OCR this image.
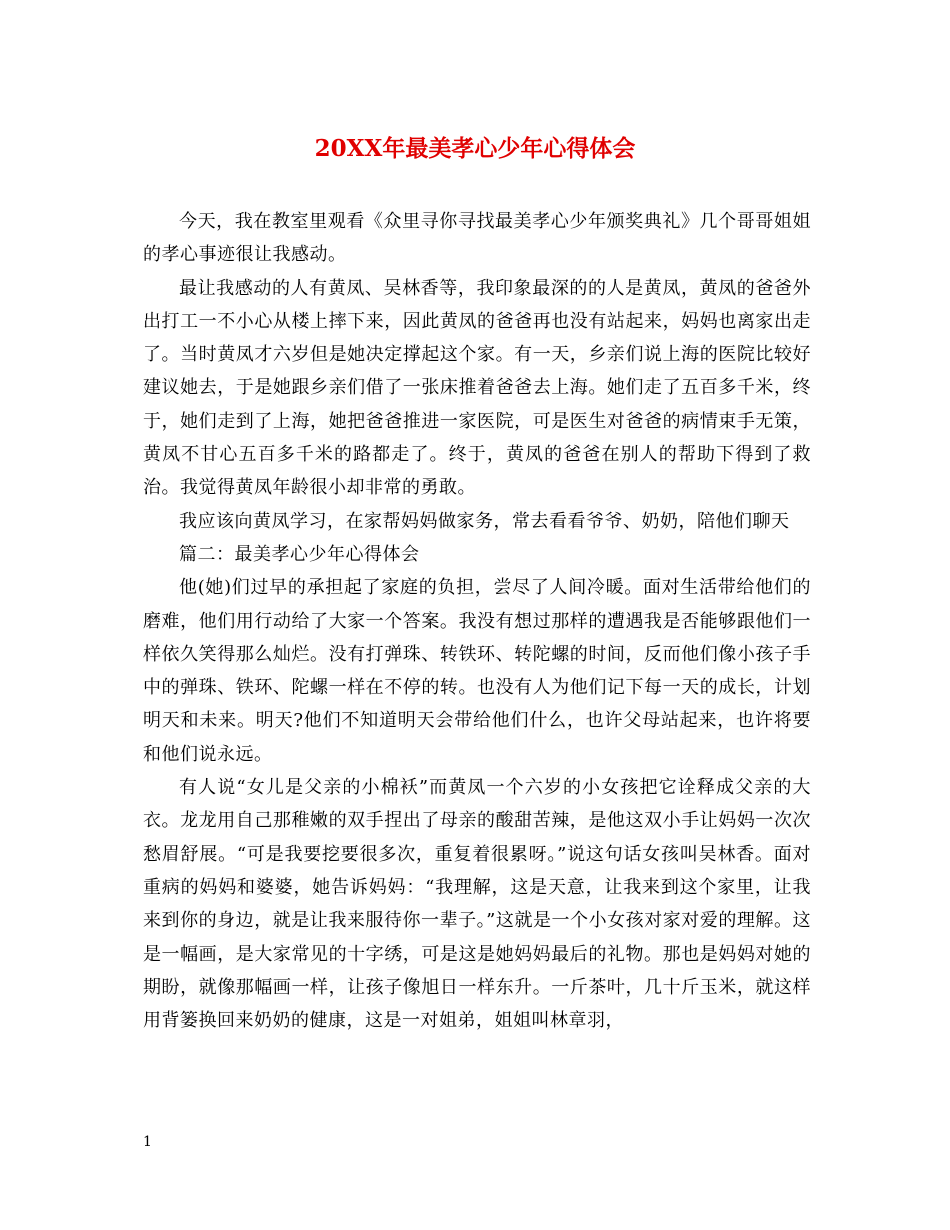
20XX年最美孝心少年心得体会

今天，我在教室里观看《众里寻你寻找最美孝心少年颁奖典礼》几个哥哥姐姐的孝心事迹很让我感动。

最让我感动的人有黄凤、吴林香等，我印象最深的的人是黄凤，黄凤的爸爸外出打工一不小心从楼上摔下来，因此黄凤的爸爸再也没有站起来，妈妈也离家出走了。当时黄凤才六岁但是她决定撑起这个家。有一天，乡亲们说上海的医院比较好建议她去，于是她跟乡亲们借了一张床推着爸爸去上海。她们走了五百多千米，终于，她们走到了上海，她把爸爸推进一家医院，可是医生对爸爸的病情束手无策，黄凤不甘心五百多千米的路都走了。终于，黄凤的爸爸在别人的帮助下得到了救治。我觉得黄凤年龄很小却非常的勇敢。

我应该向黄凤学习，在家帮妈妈做家务，常去看看爷爷、奶奶，陪他们聊天

篇二：最美孝心少年心得体会

他(她)们过早的承担起了家庭的负担，尝尽了人间冷暖。面对生活带给他们的磨难，他们用行动给了大家一个答案。我没有想过那样的遭遇我是否能够跟他们一样依久笑得那么灿烂。没有打弹珠、转铁环、转陀螺的时间，反而他们像小孩子手中的弹珠、铁环、陀螺一样在不停的转。也没有人为他们记下每一天的成长，计划明天和未来。明天?他们不知道明天会带给他们什么，也许父母站起来，也许将要和他们说永远。

有人说“女儿是父亲的小棉袄”而黄凤一个六岁的小女孩把它诠释成父亲的大衣。龙龙用自己那稚嫩的双手捏出了母亲的酸甜苦辣，是他这双小手让妈妈一次次愁眉舒展。“可是我要挖要很多次，重复着很累呀。”说这句话女孩叫吴林香。面对重病的妈妈和婆婆，她告诉妈妈：“我理解，这是天意，让我来到这个家里，让我来到你的身边，就是让我来服待你一辈子。”这就是一个小女孩对家对爱的理解。这是一幅画，是大家常见的十字绣，可是这是她妈妈最后的礼物。那也是妈妈对她的期盼，就像那幅画一样，让孩子像旭日一样东升。一斤茶叶，几十斤玉米，就这样用背篓换回来奶奶的健康，这是一对姐弟，姐姐叫林章羽，

1
